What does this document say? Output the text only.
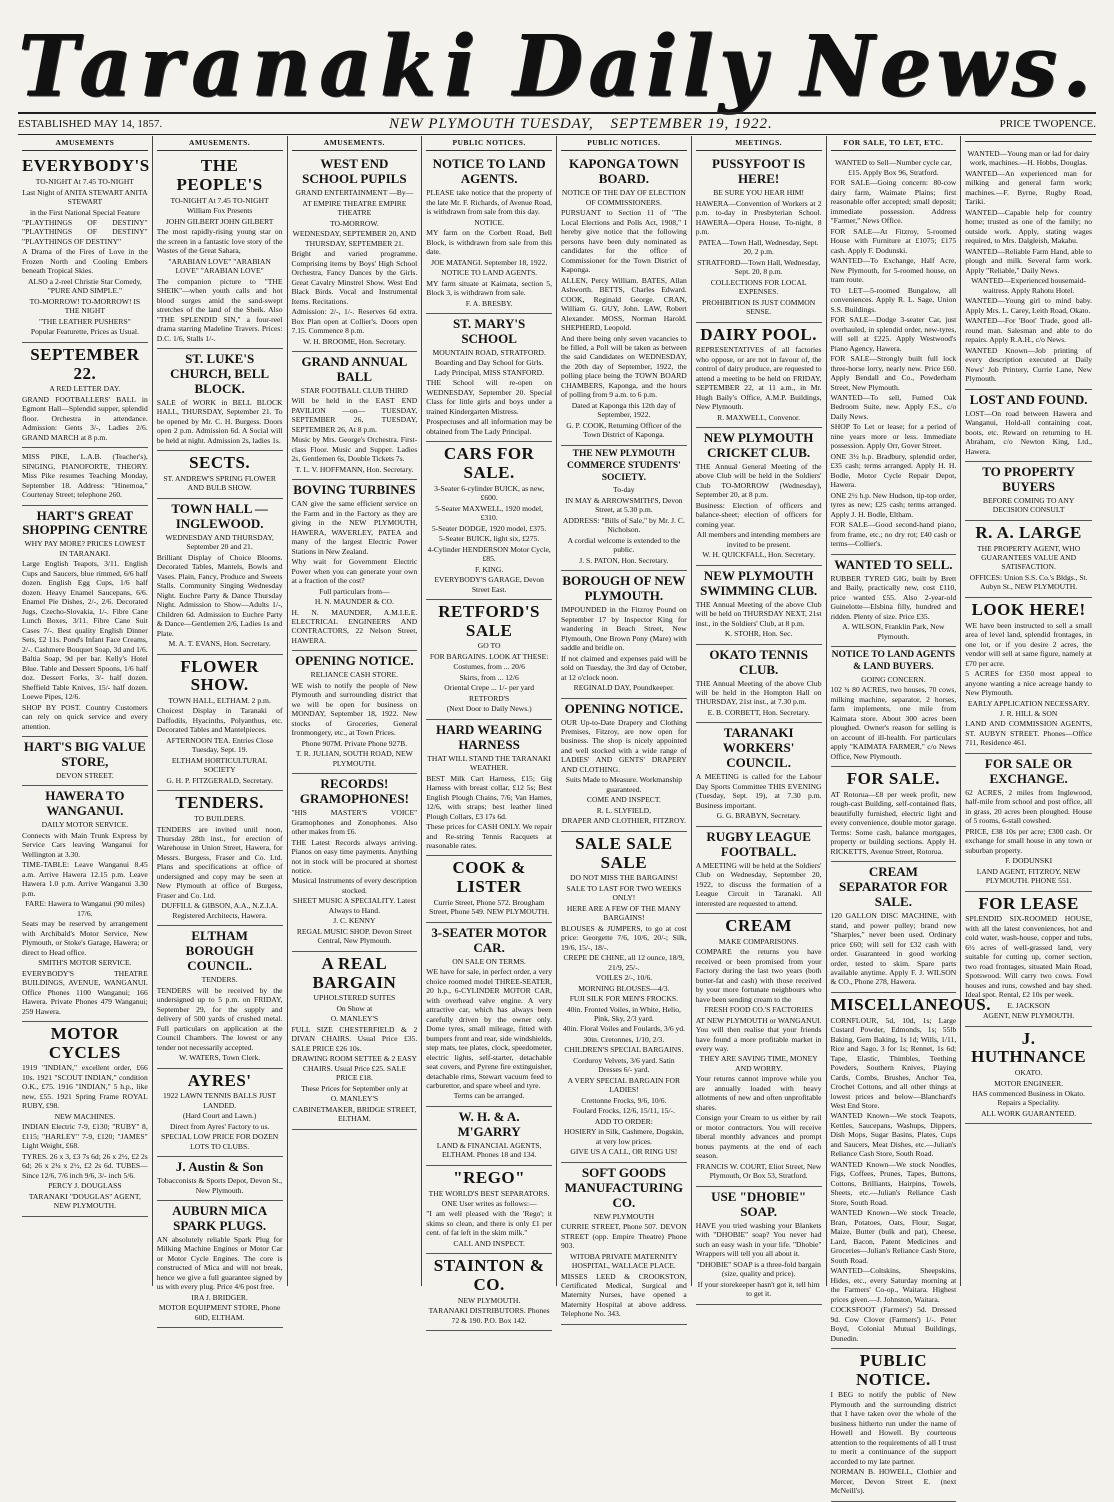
Taranaki Daily News.
ESTABLISHED MAY 14, 1857.	NEW PLYMOUTH TUESDAY, SEPTEMBER 19, 1922.	PRICE TWOPENCE.
AMUSEMENTS
EVERYBODY'S

TO-NIGHT At 7.45 TO-NIGHT

Last Night of ANITA STEWART ANITA STEWART

in the First National Special Feature

"PLAYTHINGS OF DESTINY" "PLAYTHINGS OF DESTINY" "PLAYTHINGS OF DESTINY"

A Drama of the Fires of Love in the Frozen North and Cooling Embers beneath Tropical Skies.

ALSO a 2-reel Christie Star Comedy, "PURE AND SIMPLE."

TO-MORROW! TO-MORROW! IS THE NIGHT

"THE LEATHER PUSHERS"

Popular Featurette, Prices as Usual.

SEPTEMBER 22.

A RED LETTER DAY.

GRAND FOOTBALLERS' BALL in Egmont Hall—Splendid supper, splendid floor. Orchestra in attendance. Admission: Gents 3/-, Ladies 2/6. GRAND MARCH at 8 p.m.

MISS PIKE, L.A.B. (Teacher's), SINGING, PIANOFORTE, THEORY. Miss Pike resumes Teaching Monday, September 18. Address: "Hinemoa," Courtenay Street; telephone 260.

HART'S GREAT SHOPPING CENTRE

WHY PAY MORE? PRICES LOWEST IN TARANAKI.

Large English Teapots, 3/11. English Cups and Saucers, blue rimmed, 6/6 half dozen. English Egg Cups, 1/6 half dozen. Heavy Enamel Saucepans, 6/6. Enamel Pie Dishes, 2/-, 2/6. Decorated Jugs, Czecho-Slovakia, 1/-. Fibre Cane Lunch Boxes, 3/11. Fibre Cane Suit Cases 7/-. Best quality English Dinner Sets, £2 11s. Pond's Infant Face Creams, 2/-. Cashmere Bouquet Soap, 3d and 1/6. Baltia Soap, 9d per bar. Kelly's Hotel Blue. Table and Dessert Spoons, 1/6 half doz. Dessert Forks, 3/- half dozen. Sheffield Table Knives, 15/- half dozen. Loewe Pipes, 12/6.

SHOP BY POST. Country Customers can rely on quick service and every attention.

HART'S BIG VALUE STORE,

DEVON STREET.

HAWERA TO WANGANUI.

DAILY MOTOR SERVICE.

Connects with Main Trunk Express by Service Cars leaving Wanganui for Wellington at 3.30.

TIME-TABLE: Leave Wanganui 8.45 a.m. Arrive Hawera 12.15 p.m. Leave Hawera 1.0 p.m. Arrive Wanganui 3.30 p.m.

FARE: Hawera to Wanganui (90 miles) 17/6.

Seats may be reserved by arrangement with Archibald's Motor Service, New Plymouth, or Stoke's Garage, Hawera; or direct to Head office.

SMITH'S MOTOR SERVICE.

EVERYBODY'S THEATRE BUILDINGS, AVENUE, WANGANUI. Office Phones 1100 Wanganui; 166 Hawera. Private Phones 479 Wanganui; 259 Hawera.

MOTOR CYCLES

1919 "INDIAN," excellent order, £66 10s. 1921 "SCOUT INDIAN," condition O.K., £75. 1916 "INDIAN," 5 h.p., like new, £55. 1921 Spring Frame ROYAL RUBY, £98.

NEW MACHINES.

INDIAN Electric 7-9, £130; "RUBY" 8, £115; "HARLEY" 7-9, £120; "JAMES" Light Weight, £68.

TYRES. 26 x 3, £3 7s 6d; 26 x 2½, £2 2s 6d; 26 x 2¼ x 2½, £2 2s 6d. TUBES—Since 12/6, 7/6 inch 9/6, 3/- inch 5/6.

PERCY J. DOUGLASS

TARANAKI "DOUGLAS" AGENT, NEW PLYMOUTH.

AMUSEMENTS.
THE PEOPLE'S

TO-NIGHT At 7.45 TO-NIGHT

William Fox Presents

JOHN GILBERT JOHN GILBERT

The most rapidly-rising young star on the screen in a fantastic love story of the Wastes of the Great Sahara,

"ARABIAN LOVE" "ARABIAN LOVE" "ARABIAN LOVE"

The companion picture to "THE SHEIK"—when youth calls and hot blood surges amid the sand-swept stretches of the land of the Sheik. Also "THE SPLENDID SIN," a four-reel drama starring Madeline Travers. Prices: D.C. 1/6, Stalls 1/-.

ST. LUKE'S CHURCH, BELL BLOCK.

SALE of WORK in BELL BLOCK HALL, THURSDAY, September 21. To be opened by Mr. C. H. Burgess. Doors open 2 p.m. Admission 6d. A Social will be held at night. Admission 2s, ladies 1s.

SECTS.

ST. ANDREW'S SPRING FLOWER AND BULB SHOW.

TOWN HALL — INGLEWOOD.

WEDNESDAY AND THURSDAY, September 20 and 21.

Brilliant Display of Choice Blooms. Decorated Tables, Mantels, Bowls and Vases. Plain, Fancy, Produce and Sweets Stalls. Community Singing Wednesday Night. Euchre Party & Dance Thursday Night. Admission to Show—Adults 1/-, Children 6d. Admission to Euchre Party & Dance—Gentlemen 2/6, Ladies 1s and Plate.

M. A. T. EVANS, Hon. Secretary.

FLOWER SHOW.

TOWN HALL, ELTHAM. 2 p.m.

Choicest Display in Taranaki of Daffodils, Hyacinths, Polyanthus, etc. Decorated Tables and Mantelpieces.

AFTERNOON TEA. Entries Close Tuesday, Sept. 19.

ELTHAM HORTICULTURAL SOCIETY

G. H. P. FITZGERALD, Secretary.

TENDERS.

TO BUILDERS.

TENDERS are invited until noon, Thursday 28th inst., for erection of Warehouse in Union Street, Hawera, for Messrs. Burgess, Fraser and Co. Ltd. Plans and specifications at office of undersigned and copy may be seen at New Plymouth at office of Burgess, Fraser and Co. Ltd.

DUFFILL & GIBSON, A.A., N.Z.I.A. Registered Architects, Hawera.

ELTHAM BOROUGH COUNCIL.

TENDERS.

TENDERS will be received by the undersigned up to 5 p.m. on FRIDAY, September 29, for the supply and delivery of 500 yards of crushed metal. Full particulars on application at the Council Chambers. The lowest or any tender not necessarily accepted.

W. WATERS, Town Clerk.

AYRES'

1922 LAWN TENNIS BALLS JUST LANDED.

(Hard Court and Lawn.)

Direct from Ayres' Factory to us.

SPECIAL LOW PRICE FOR DOZEN LOTS TO CLUBS.

J. Austin & Son

Tobacconists & Sports Depot, Devon St., New Plymouth.

AUBURN MICA SPARK PLUGS.

AN absolutely reliable Spark Plug for Milking Machine Engines or Motor Car or Motor Cycle Engines. The core is constructed of Mica and will not break, hence we give a full guarantee signed by us with every plug. Price 4/6 post free.

IRA J. BRIDGER.

MOTOR EQUIPMENT STORE, Phone 60D, ELTHAM.

AMUSEMENTS.
WEST END SCHOOL PUPILS

GRAND ENTERTAINMENT —By—

AT EMPIRE THEATRE EMPIRE THEATRE

TO-MORROW.

WEDNESDAY, SEPTEMBER 20, AND THURSDAY, SEPTEMBER 21.

Bright and varied programme. Comprising items by Boys' High School Orchestra, Fancy Dances by the Girls. Great Cavalry Minstrel Show. West End Black Birds. Vocal and Instrumental Items. Recitations.

Admission: 2/-, 1/-. Reserves 6d extra. Box Plan open at Collier's. Doors open 7.15. Commence 8 p.m.

W. H. BROOME, Hon. Secretary.

GRAND ANNUAL BALL

STAR FOOTBALL CLUB THIRD

Will be held in the EAST END PAVILION —on— TUESDAY, SEPTEMBER 26, TUESDAY, SEPTEMBER 26, At 8 p.m.

Music by Mrs. George's Orchestra. First-class Floor. Music and Supper. Ladies 2s, Gentlemen 6s, Double Tickets 7s.

T. L. V. HOFFMANN, Hon. Secretary.

BOVING TURBINES

CAN give the same efficient service on the Farm and in the Factory as they are giving in the NEW PLYMOUTH, HAWERA, WAVERLEY, PATEA and many of the largest Electric Power Stations in New Zealand.

Why wait for Government Electric Power when you can generate your own at a fraction of the cost?

Full particulars from—

H. N. MAUNDER & CO.

H. N. MAUNDER, A.M.I.E.E. ELECTRICAL ENGINEERS AND CONTRACTORS, 22 Nelson Street, HAWERA.

OPENING NOTICE.

RELIANCE CASH STORE.

WE wish to notify the people of New Plymouth and surrounding district that we will be open for business on MONDAY, September 18, 1922. New stocks of Groceries, General Ironmongery, etc., at Town Prices.

Phone 907M. Private Phone 927B.

T. R. JULIAN, SOUTH ROAD, NEW PLYMOUTH.

RECORDS! GRAMOPHONES!

"HIS MASTER'S VOICE" Gramophones and Zonophones. Also other makes from £6.

THE Latest Records always arriving. Pianos on easy time payments. Anything not in stock will be procured at shortest notice.

Musical Instruments of every description stocked.

SHEET MUSIC A SPECIALITY. Latest Always to Hand.

J. C. KENNY

REGAL MUSIC SHOP. Devon Street Central, New Plymouth.

A REAL BARGAIN

UPHOLSTERED SUITES

On Show at

O. MANLEY'S

FULL SIZE CHESTERFIELD & 2 DIVAN CHAIRS. Usual Price £35. SALE PRICE £26 10s.

DRAWING ROOM SETTEE & 2 EASY CHAIRS. Usual Price £25. SALE PRICE £18.

These Prices for September only at

O. MANLEY'S

CABINETMAKER, BRIDGE STREET, ELTHAM.

PUBLIC NOTICES.
NOTICE TO LAND AGENTS.

PLEASE take notice that the property of the late Mr. F. Richards, of Avenue Road, is withdrawn from sale from this day.

NOTICE.

MY farm on the Corbett Road, Bell Block, is withdrawn from sale from this date.

JOE MATANGI. September 18, 1922.

NOTICE TO LAND AGENTS.

MY farm situate at Kaimata, section 5, Block 3, is withdrawn from sale.

F. A. BRESBY.

ST. MARY'S SCHOOL

MOUNTAIN ROAD, STRATFORD.

Boarding and Day School for Girls. Lady Principal, MISS STANFORD.

THE School will re-open on WEDNESDAY, September 20. Special Class for little girls and boys under a trained Kindergarten Mistress.

Prospectuses and all information may be obtained from The Lady Principal.

CARS FOR SALE.

3-Seater 6-cylinder BUICK, as new, £600.

5-Seater MAXWELL, 1920 model, £310.

5-Seater DODGE, 1920 model, £375.

5-Seater BUICK, light six, £275.

4-Cylinder HENDERSON Motor Cycle, £85.

F. KING.

EVERYBODY'S GARAGE, Devon Street East.

RETFORD'S SALE

GO TO

FOR BARGAINS. LOOK AT THESE:

Costumes, from ... 20/6

Skirts, from ... 12/6

Oriental Crepe ... 1/- per yard

RETFORD'S

(Next Door to Daily News.)

HARD WEARING HARNESS

THAT WILL STAND THE TARANAKI WEATHER.

BEST Milk Cart Harness, £15; Gig Harness with breast collar, £12 5s; Best English Plough Chains, 7/6; Van Hames, 12/6, with straps; best leather lined Plough Collars, £3 17s 6d.

These prices for CASH ONLY. We repair and Re-string Tennis Racquets at reasonable rates.

COOK & LISTER

Currie Street, Phone 572. Brougham Street, Phone 549. NEW PLYMOUTH.

3-SEATER MOTOR CAR.

ON SALE ON TERMS.

WE have for sale, in perfect order, a very choice roomed model THREE-SEATER, 20 h.p., 6-CYLINDER MOTOR CAR, with overhead valve engine. A very attractive car, which has always been carefully driven by the owner only. Dome tyres, small mileage, fitted with bumpers front and rear, side windshields, step mats, tee plates, clock, speedometer, electric lights, self-starter, detachable seat covers, and Pyrene fire extinguisher, detachable rims, Stewart vacuum feed to carburettor, and spare wheel and tyre.

Terms can be arranged.

W. H. & A. M'GARRY

LAND & FINANCIAL AGENTS, ELTHAM. Phones 18 and 134.

"REGO"

THE WORLD'S BEST SEPARATORS.

ONE User writes as follows:—

"I am well pleased with the 'Rego'; it skims so clean, and there is only £1 per cent. of fat left in the skim milk."

CALL AND INSPECT.

STAINTON & CO.

NEW PLYMOUTH.

TARANAKI DISTRIBUTORS. Phones 72 & 190. P.O. Box 142.

PUBLIC NOTICES.
KAPONGA TOWN BOARD.

NOTICE OF THE DAY OF ELECTION OF COMMISSIONERS.

PURSUANT to Section 11 of "The Local Elections and Polls Act, 1908," I hereby give notice that the following persons have been duly nominated as candidates for the office of Commissioner for the Town District of Kaponga.

ALLEN, Percy William. BATES, Allan Ashworth. BETTS, Charles Edward. COOK, Reginald George. CRAN, William G. GUY, John. LAW, Robert Alexander. MOSS, Norman Harold. SHEPHERD, Leopold.

And there being only seven vacancies to be filled, a Poll will be taken as between the said Candidates on WEDNESDAY, the 20th day of September, 1922, the polling place being the TOWN BOARD CHAMBERS, Kaponga, and the hours of polling from 9 a.m. to 6 p.m.

Dated at Kaponga this 12th day of September, 1922.

G. P. COOK, Returning Officer of the Town District of Kaponga.

THE NEW PLYMOUTH COMMERCE STUDENTS' SOCIETY.

To-day

IN MAY & ARROWSMITH'S, Devon Street, at 5.30 p.m.

ADDRESS: "Bills of Sale," by Mr. J. C. Nicholson.

A cordial welcome is extended to the public.

J. S. PATON, Hon. Secretary.

BOROUGH OF NEW PLYMOUTH.

IMPOUNDED in the Fitzroy Pound on September 17 by Inspector King for wandering in Beach Street, New Plymouth, One Brown Pony (Mare) with saddle and bridle on.

If not claimed and expenses paid will be sold on Tuesday, the 3rd day of October, at 12 o'clock noon.

REGINALD DAY, Poundkeeper.

OPENING NOTICE.

OUR Up-to-Date Drapery and Clothing Premises, Fitzroy, are now open for business. The shop is nicely appointed and well stocked with a wide range of LADIES' AND GENTS' DRAPERY AND CLOTHING.

Suits Made to Measure. Workmanship guaranteed.

COME AND INSPECT.

R. L. SLYFIELD,

DRAPER AND CLOTHIER, FITZROY.

SALE SALE SALE

DO NOT MISS THE BARGAINS!

SALE TO LAST FOR TWO WEEKS ONLY!

HERE ARE A FEW OF THE MANY BARGAINS!

BLOUSES & JUMPERS, to go at cost price: Georgette 7/6, 10/6, 20/-; Silk, 19/6, 15/-, 18/-.

CREPE DE CHINE, all 12 ounce, 18/9, 21/9, 25/-.

VOILES 2/-, 10/6.

MORNING BLOUSES—4/3.

FUJI SILK FOR MEN'S FROCKS.

40in. Fronted Voiles, in White, Helio, Pink, Sky, 2/3 yard.

40in. Floral Voiles and Foulards, 3/6 yd.

30in. Cretonnes, 1/10, 2/3.

CHILDREN'S SPECIAL BARGAINS.

Corduroy Velvets, 3/6 yard. Satin Dresses 6/- yard.

A VERY SPECIAL BARGAIN FOR LADIES!

Crettonne Frocks, 9/6, 10/6.

Foulard Frocks, 12/6, 15/11, 15/-.

ADD TO ORDER:

HOSIERY in Silk, Cashmere, Dogskin, at very low prices.

GIVE US A CALL, OR RING US!

SOFT GOODS MANUFACTURING CO.

NEW PLYMOUTH

CURRIE STREET, Phone 507. DEVON STREET (opp. Empire Theatre) Phone 903.

WITOBA PRIVATE MATERNITY HOSPITAL, WALLACE PLACE.

MISSES LEED & CROOKSTON, Certificated Medical, Surgical and Maternity Nurses, have opened a Maternity Hospital at above address. Telephone No. 343.

MEETINGS.
PUSSYFOOT IS HERE!

BE SURE YOU HEAR HIM!

HAWERA—Convention of Workers at 2 p.m. to-day in Presbyterian School. HAWERA—Opera House, To-night, 8 p.m.

PATEA—Town Hall, Wednesday, Sept. 20, 2 p.m.

STRATFORD—Town Hall, Wednesday, Sept. 20, 8 p.m.

COLLECTIONS FOR LOCAL EXPENSES.

PROHIBITION IS JUST COMMON SENSE.

DAIRY POOL.

REPRESENTATIVES of all factories who oppose, or are not in favour of, the control of dairy produce, are requested to attend a meeting to be held on FRIDAY, SEPTEMBER 22, at 11 a.m., in Mr. Hugh Baily's Office, A.M.P. Buildings, New Plymouth.

R. MAXWELL, Convenor.

NEW PLYMOUTH CRICKET CLUB.

THE Annual General Meeting of the above Club will be held in the Soldiers' Club TO-MORROW (Wednesday), September 20, at 8 p.m.

Business: Election of officers and balance-sheet; election of officers for coming year.

All members and intending members are invited to be present.

W. H. QUICKFALL, Hon. Secretary.

NEW PLYMOUTH SWIMMING CLUB.

THE Annual Meeting of the above Club will be held on THURSDAY NEXT, 21st inst., in the Soldiers' Club, at 8 p.m.

K. STOHR, Hon. Sec.

OKATO TENNIS CLUB.

THE Annual Meeting of the above Club will be held in the Hompton Hall on THURSDAY, 21st inst., at 7.30 p.m.

E. B. CORBETT, Hon. Secretary.

TARANAKI WORKERS' COUNCIL.

A MEETING is called for the Labour Day Sports Committee THIS EVENING (Tuesday, Sept. 19), at 7.30 p.m. Business important.

G. G. BRABYN, Secretary.

RUGBY LEAGUE FOOTBALL.

A MEETING will be held at the Soldiers' Club on Wednesday, September 20, 1922, to discuss the formation of a League Circuit in Taranaki. All interested are requested to attend.

CREAM

MAKE COMPARISONS.

COMPARE the returns you have received or been promised from your Factory during the last two years (both butter-fat and cash) with those received by your more fortunate neighbours who have been sending cream to the

FRESH FOOD CO.'S FACTORIES

AT NEW PLYMOUTH or WANGANUI. You will then realise that your friends have found a more profitable market in every way.

THEY ARE SAVING TIME, MONEY AND WORRY.

Your returns cannot improve while you are annually loaded with heavy allotments of new and often unprofitable shares.

Consign your Cream to us either by rail or motor contractors. You will receive liberal monthly advances and prompt bonus payments at the end of each season.

FRANCIS W. COURT, Eliot Street, New Plymouth, Or Box 53, Stratford.

USE "DHOBIE" SOAP.

HAVE you tried washing your Blankets with "DHOBIE" soap? You never had such an easy wash in your life. "Dhobie" Wrappers will tell you all about it.

"DHOBIE" SOAP is a three-fold bargain (size, quality and price).

If your storekeeper hasn't got it, tell him to get it.

FOR SALE, TO LET, ETC.

WANTED to Sell—Number cycle car, £15. Apply Box 96, Stratford.

FOR SALE—Going concern: 80-cow dairy farm, Waimate Plains; first reasonable offer accepted; small deposit; immediate possession. Address "Farmer," News Office.

FOR SALE—At Fitzroy, 5-roomed House with Furniture at £1075; £175 cash. Apply F. Dodunski.

WANTED—To Exchange, Half Acre, New Plymouth, for 5-roomed house, on tram route.

TO LET—5-roomed Bungalow, all conveniences. Apply R. L. Sage, Union S.S. Buildings.

FOR SALE—Dodge 3-seater Car, just overhauled, in splendid order, new-tyres, will sell at £225. Apply Westwood's Piano Agency, Hawera.

FOR SALE—Strongly built full lock three-horse lorry, nearly new. Price £60. Apply Bendall and Co., Powderham Street, New Plymouth.

WANTED—To sell, Fumed Oak Bedroom Suite, new. Apply F.S., c/o Daily News.

SHOP To Let or lease; for a period of nine years more or less. Immediate possession. Apply Orr, Gover Street.

ONE 3½ h.p. Bradbury, splendid order, £35 cash; terms arranged. Apply H. H. Bodle, Motor Cycle Repair Depot, Hawera.

ONE 2½ h.p. New Hudson, tip-top order, tyres as new; £25 cash; terms arranged. Apply J. H. Bodle, Eltham.

FOR SALE—Good second-hand piano, from frame, etc.; no dry rot; £40 cash or terms—Collier's.

WANTED TO SELL.

RUBBER TYRED GIG, built by Brett and Baily, practically new, cost £110, price wanted £55. Also 2-year-old Guinelotte—Elsbina filly, hundred and ridden. Plenty of size. Price £35.

A. WILSON, Franklin Park, New Plymouth.

NOTICE TO LAND AGENTS & LAND BUYERS.

GOING CONCERN.

102 ¾ 80 ACRES, two houses, 70 cows, milking machine, separator, 2 horses, farm implements, one mile from Kaimata store. About 300 acres been ploughed. Owner's reason for selling is on account of ill-health. For particulars apply "KAIMATA FARMER," c/o News Office, New Plymouth.

FOR SALE.

AT Rotorua—£8 per week profit, new rough-cast Building, self-contained flats, beautifully furnished, electric light and every convenience, double motor garage. Terms: Some cash, balance mortgages, property or building sections. Apply H. RICKETTS, Avenue Street, Rotorua.

CREAM SEPARATOR FOR SALE.

120 GALLON DISC MACHINE, with stand, and power pulley; brand new "Sharples," never been used. Ordinary price £60; will sell for £32 cash with order. Guaranteed in good working order, tested to skim. Spare parts available anytime. Apply F. J. WILSON & CO., Phone 278, Hawera.

MISCELLANEOUS.

CORNFLOUR, 5d, 10d, 1s; Large Custard Powder, Edmonds, 1s; 55lb Baking, Gem Baking, 1s 1d; Wills, 1/11, Rice and Sago, 3 for 1s; Rennet, 1s 6d; Tape, Elastic, Thimbles, Teething Powders, Southern Knives, Playing Cards, Combs, Brushes, Anchor Tea, Crochet Cottons, and all other things at lowest prices and below—Blanchard's West End Store.

WANTED Known—We stock Teapots, Kettles, Saucepans, Washups, Dippers, Dish Mops, Sugar Basins, Plates, Cups and Saucers, Meat Dishes, etc.—Julian's Reliance Cash Store, South Road.

WANTED Known—We stock Noodles, Figs, Coffees, Prunes, Tapes, Buttons, Cottons, Brilliants, Hairpins, Towels, Sheets, etc.—Julian's Reliance Cash Store, South Road.

WANTED Known—We stock Treacle, Bran, Potatoes, Oats, Flour, Sugar, Maize, Butter (bulk and pat), Cheese, Lard, Bacon, Patent Medicines and Groceries—Julian's Reliance Cash Store, South Road.

WANTED—Coltskins, Sheepskins, Hides, etc., every Saturday morning at the Farmers' Co-op., Waitara. Highest prices given.—J. Johnston, Waitara.

COCKSFOOT (Farmers') 5d. Dressed 9d. Cow Clover (Farmers') 1/-. Peter Boyd, Colonial Mutual Buildings, Dunedin.

PUBLIC NOTICE.

I BEG to notify the public of New Plymouth and the surrounding district that I have taken over the whole of the business hitherto run under the name of Howell and Howell. By courteous attention to the requirements of all I trust to merit a continuance of the support accorded to my late partner.

NORMAN B. HOWELL, Clothier and Mercer, Devon Street E. (next McNeill's).

WANTED—Young man or lad for dairy work, machines.—H. Hobbs, Douglas.

WANTED—An experienced man for milking and general farm work; machines.—F. Byrne, Rugby Road, Tariki.

WANTED—Capable help for country home; trusted as one of the family; no outside work. Apply, stating wages required, to Mrs. Dalgleish, Makahu.

WANTED—Reliable Farm Hand, able to plough and milk. Several farm work. Apply "Reliable," Daily News.

WANTED—Experienced housemaid-waitress. Apply Rahotu Hotel.

WANTED—Young girl to mind baby. Apply Mrs. L. Carey, Leith Road, Okato.

WANTED—For 'Boot' Trade, good all-round man. Salesman and able to do repairs. Apply R.A.H., c/o News.

WANTED Known—Job printing of every description executed at Daily News' Job Printery, Currie Lane, New Plymouth.

LOST AND FOUND.

LOST—On road between Hawera and Wanganui, Hold-all containing coat, boots, etc. Reward on returning to H. Abraham, c/o Newton King, Ltd., Hawera.

TO PROPERTY BUYERS

BEFORE COMING TO ANY DECISION CONSULT

R. A. LARGE

THE PROPERTY AGENT, WHO GUARANTEES VALUE AND SATISFACTION.

OFFICES: Union S.S. Co.'s Bldgs., St. Aubyn St., NEW PLYMOUTH.

LOOK HERE!

WE have been instructed to sell a small area of level land, splendid frontages, in one lot, or if you desire 2 acres, the vendor will sell at same figure, namely at £70 per acre.

5 ACRES for £350 most appeal to anyone wanting a nice acreage handy to New Plymouth.

EARLY APPLICATION NECESSARY.

J. R. HILL & SON

LAND AND COMMISSION AGENTS, ST. AUBYN STREET. Phones—Office 711, Residence 461.

FOR SALE OR EXCHANGE.

62 ACRES, 2 miles from Inglewood, half-mile from school and post office, all in grass, 20 acres been ploughed. House of 5 rooms, 6-stall cowshed.

PRICE, £38 10s per acre; £300 cash. Or exchange for small house in any town or suburban property.

F. DODUNSKI

LAND AGENT, FITZROY, NEW PLYMOUTH. PHONE 551.

FOR LEASE

SPLENDID SIX-ROOMED HOUSE, with all the latest conveniences, hot and cold water, wash-house, copper and tubs, 6½ acres of well-grassed land, very suitable for cutting up, corner section, two road frontages, situated Main Road, Spotswood. Will carry two cows. Fowl houses and runs, cowshed and bay shed. Ideal spot. Rental, £2 10s per week.

E. JACKSON

AGENT, NEW PLYMOUTH.

J. HUTHNANCE

OKATO.

MOTOR ENGINEER.

HAS commenced Business in Okato. Repairs a Speciality.

ALL WORK GUARANTEED.
